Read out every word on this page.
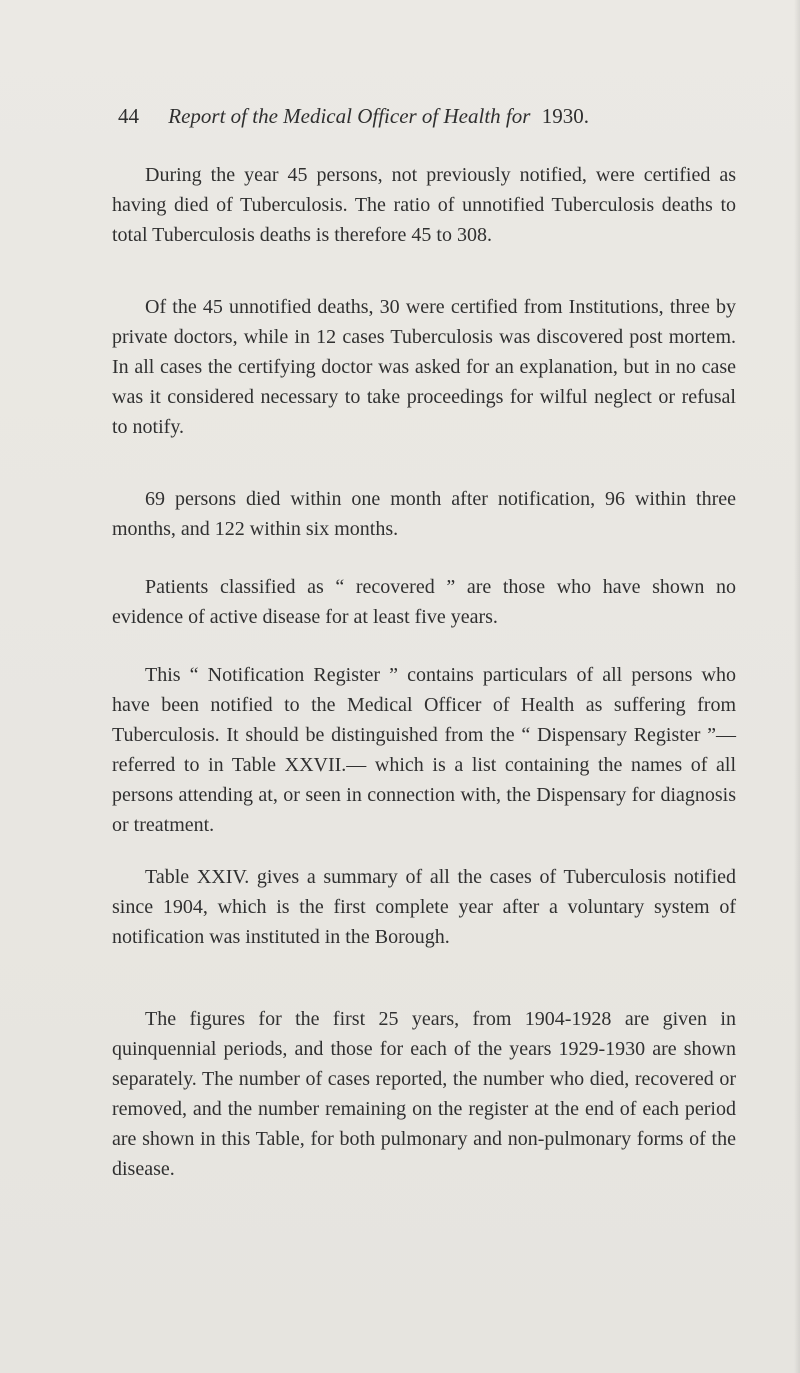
44 Report of the Medical Officer of Health for 1930.

During the year 45 persons, not previously notified, were certified as having died of Tuberculosis. The ratio of unnotified Tuberculosis deaths to total Tuberculosis deaths is therefore 45 to 308.

Of the 45 unnotified deaths, 30 were certified from Institutions, three by private doctors, while in 12 cases Tuberculosis was discovered post mortem. In all cases the certifying doctor was asked for an explanation, but in no case was it considered necessary to take proceedings for wilful neglect or refusal to notify.

69 persons died within one month after notification, 96 within three months, and 122 within six months.

Patients classified as “ recovered ” are those who have shown no evidence of active disease for at least five years.

This “ Notification Register ” contains particulars of all persons who have been notified to the Medical Officer of Health as suffering from Tuberculosis. It should be distinguished from the “ Dispensary Register ”—referred to in Table XXVII.— which is a list containing the names of all persons attending at, or seen in connection with, the Dispensary for diagnosis or treatment.

Table XXIV. gives a summary of all the cases of Tuberculosis notified since 1904, which is the first complete year after a voluntary system of notification was instituted in the Borough.

The figures for the first 25 years, from 1904-1928 are given in quinquennial periods, and those for each of the years 1929-1930 are shown separately. The number of cases reported, the number who died, recovered or removed, and the number remaining on the register at the end of each period are shown in this Table, for both pulmonary and non-pulmonary forms of the disease.
